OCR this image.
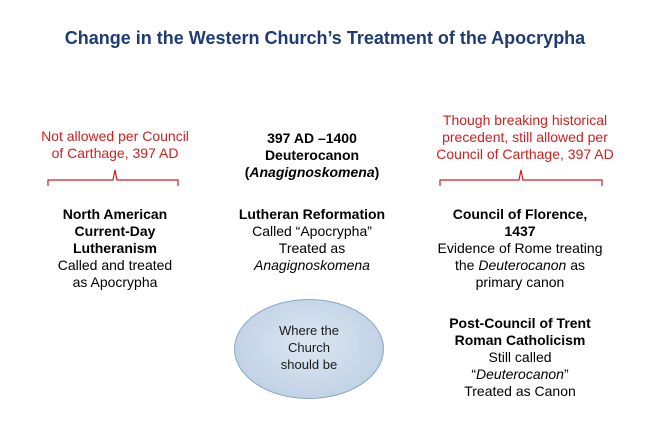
Change in the Western Church’s Treatment of the Apocrypha
Not allowed per Council
of Carthage, 397 AD
North American
Current-Day
Lutheranism
Called and treated
as Apocrypha
397 AD –1400
Deuterocanon
(Anagignoskomena)
Lutheran Reformation
Called “Apocrypha”
Treated as
Anagignoskomena
Where the
Church
should be
Though breaking historical
precedent, still allowed per
Council of Carthage, 397 AD
Council of Florence,
1437
Evidence of Rome treating
the Deuterocanon as
primary canon
Post-Council of Trent
Roman Catholicism
Still called
“Deuterocanon”
Treated as Canon
